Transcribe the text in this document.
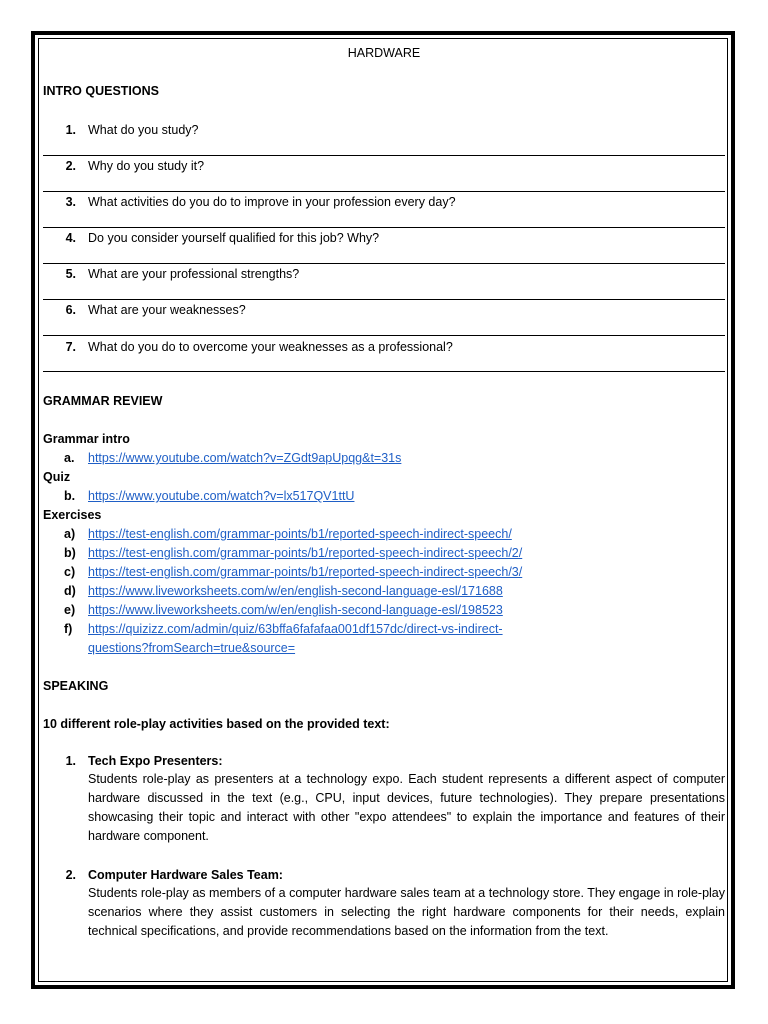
HARDWARE
INTRO QUESTIONS
1. What do you study?
2. Why do you study it?
3. What activities do you do to improve in your profession every day?
4. Do you consider yourself qualified for this job? Why?
5. What are your professional strengths?
6. What are your weaknesses?
7. What do you do to overcome your weaknesses as a professional?
GRAMMAR REVIEW
Grammar intro
a. https://www.youtube.com/watch?v=ZGdt9apUpqg&t=31s
Quiz
b. https://www.youtube.com/watch?v=lx517QV1ttU
Exercises
a) https://test-english.com/grammar-points/b1/reported-speech-indirect-speech/
b) https://test-english.com/grammar-points/b1/reported-speech-indirect-speech/2/
c) https://test-english.com/grammar-points/b1/reported-speech-indirect-speech/3/
d) https://www.liveworksheets.com/w/en/english-second-language-esl/171688
e) https://www.liveworksheets.com/w/en/english-second-language-esl/198523
f) https://quizizz.com/admin/quiz/63bffa6fafafaa001df157dc/direct-vs-indirect-
questions?fromSearch=true&source=
SPEAKING
10 different role-play activities based on the provided text:
1. Tech Expo Presenters:
Students role-play as presenters at a technology expo. Each student represents a different aspect of computer hardware discussed in the text (e.g., CPU, input devices, future technologies). They prepare presentations showcasing their topic and interact with other "expo attendees" to explain the importance and features of their hardware component.
2. Computer Hardware Sales Team:
Students role-play as members of a computer hardware sales team at a technology store. They engage in role-play scenarios where they assist customers in selecting the right hardware components for their needs, explain technical specifications, and provide recommendations based on the information from the text.
